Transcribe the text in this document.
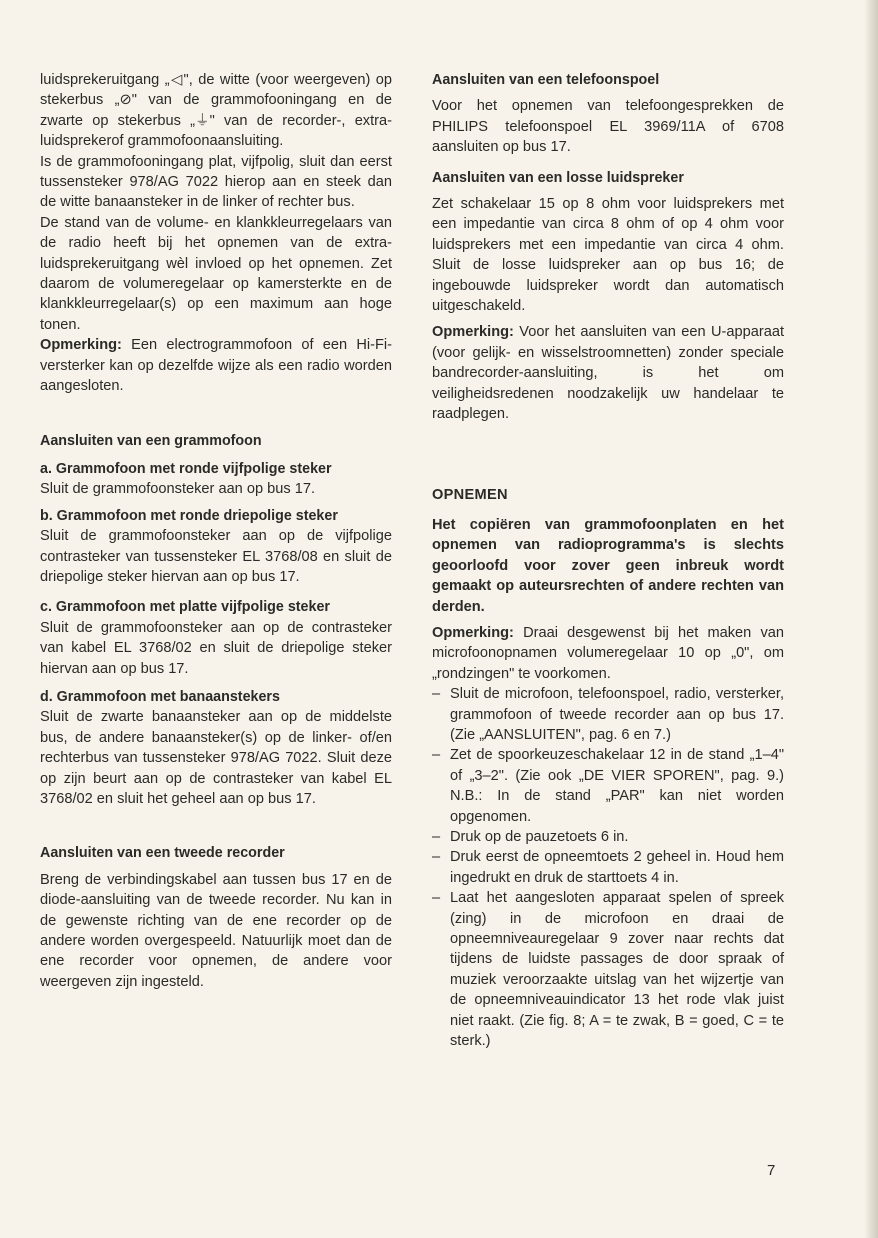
luidsprekeruitgang „◁", de witte (voor weergeven) op stekerbus „⊘" van de grammofooningang en de zwarte op stekerbus „⏚" van de recorder-, extra-luidsprekerof grammofoonaansluiting.

Is de grammofooningang plat, vijfpolig, sluit dan eerst tussensteker 978/AG 7022 hierop aan en steek dan de witte banaansteker in de linker of rechter bus.

De stand van de volume- en klankkleurregelaars van de radio heeft bij het opnemen van de extra-luidsprekeruitgang wèl invloed op het opnemen. Zet daarom de volumeregelaar op kamersterkte en de klankkleurregelaar(s) op een maximum aan hoge tonen.

Opmerking: Een electrogrammofoon of een Hi-Fi-versterker kan op dezelfde wijze als een radio worden aangesloten.

Aansluiten van een grammofoon

a. Grammofoon met ronde vijfpolige steker

Sluit de grammofoonsteker aan op bus 17.

b. Grammofoon met ronde driepolige steker

Sluit de grammofoonsteker aan op de vijfpolige contrasteker van tussensteker EL 3768/08 en sluit de driepolige steker hiervan aan op bus 17.

c. Grammofoon met platte vijfpolige steker

Sluit de grammofoonsteker aan op de contrasteker van kabel EL 3768/02 en sluit de driepolige steker hiervan aan op bus 17.

d. Grammofoon met banaanstekers

Sluit de zwarte banaansteker aan op de middelste bus, de andere banaansteker(s) op de linker- of/en rechterbus van tussensteker 978/AG 7022. Sluit deze op zijn beurt aan op de contrasteker van kabel EL 3768/02 en sluit het geheel aan op bus 17.

Aansluiten van een tweede recorder

Breng de verbindingskabel aan tussen bus 17 en de diode-aansluiting van de tweede recorder. Nu kan in de gewenste richting van de ene recorder op de andere worden overgespeeld. Natuurlijk moet dan de ene recorder voor opnemen, de andere voor weergeven zijn ingesteld.

Aansluiten van een telefoonspoel

Voor het opnemen van telefoongesprekken de PHILIPS telefoonspoel EL 3969/11A of 6708 aansluiten op bus 17.

Aansluiten van een losse luidspreker

Zet schakelaar 15 op 8 ohm voor luidsprekers met een impedantie van circa 8 ohm of op 4 ohm voor luidsprekers met een impedantie van circa 4 ohm. Sluit de losse luidspreker aan op bus 16; de ingebouwde luidspreker wordt dan automatisch uitgeschakeld.

Opmerking: Voor het aansluiten van een U-apparaat (voor gelijk- en wisselstroomnetten) zonder speciale bandrecorder-aansluiting, is het om veiligheidsredenen noodzakelijk uw handelaar te raadplegen.

OPNEMEN

Het copiëren van grammofoonplaten en het opnemen van radioprogramma's is slechts geoorloofd voor zover geen inbreuk wordt gemaakt op auteursrechten of andere rechten van derden.

Opmerking: Draai desgewenst bij het maken van microfoonopnamen volumeregelaar 10 op „0", om „rondzingen" te voorkomen.

– Sluit de microfoon, telefoonspoel, radio, versterker, grammofoon of tweede recorder aan op bus 17. (Zie „AANSLUITEN", pag. 6 en 7.)
– Zet de spoorkeuzeschakelaar 12 in de stand „1–4" of „3–2". (Zie ook „DE VIER SPOREN", pag. 9.) N.B.: In de stand „PAR" kan niet worden opgenomen.
– Druk op de pauzetoets 6 in.
– Druk eerst de opneemtoets 2 geheel in. Houd hem ingedrukt en druk de starttoets 4 in.
– Laat het aangesloten apparaat spelen of spreek (zing) in de microfoon en draai de opneemniveauregelaar 9 zover naar rechts dat tijdens de luidste passages de door spraak of muziek veroorzaakte uitslag van het wijzertje van de opneemniveauindicator 13 het rode vlak juist niet raakt. (Zie fig. 8; A = te zwak, B = goed, C = te sterk.)
7
